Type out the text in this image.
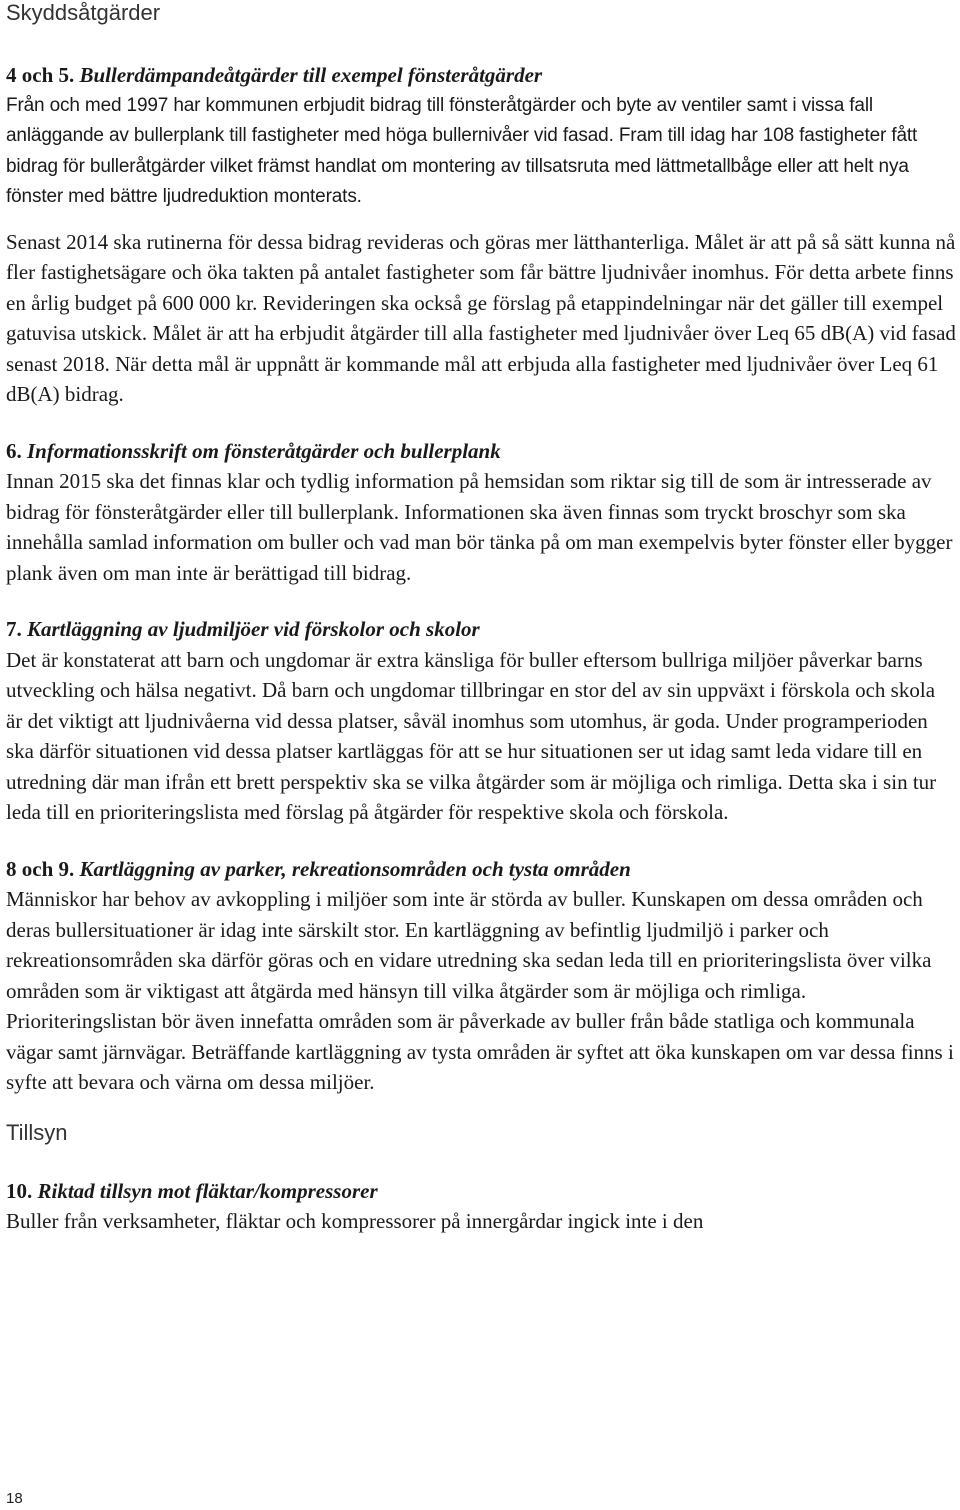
Skyddsåtgärder

4 och 5. Bullerdämpandeåtgärder till exempel fönsteråtgärder

Från och med 1997 har kommunen erbjudit bidrag till fönsteråtgärder och byte av ventiler samt i vissa fall anläggande av bullerplank till fastigheter med höga bullernivåer vid fasad. Fram till idag har 108 fastigheter fått bidrag för bulleråtgärder vilket främst handlat om montering av tillsatsruta med lättmetallbåge eller att helt nya fönster med bättre ljudreduktion monterats.

Senast 2014 ska rutinerna för dessa bidrag revideras och göras mer lätthanterliga. Målet är att på så sätt kunna nå fler fastighetsägare och öka takten på antalet fastigheter som får bättre ljudnivåer inomhus. För detta arbete finns en årlig budget på 600 000 kr. Revideringen ska också ge förslag på etappindelningar när det gäller till exempel gatuvisa utskick. Målet är att ha erbjudit åtgärder till alla fastigheter med ljudnivåer över Leq 65 dB(A) vid fasad senast 2018. När detta mål är uppnått är kommande mål att erbjuda alla fastigheter med ljudnivåer över Leq 61 dB(A) bidrag.

6. Informationsskrift om fönsteråtgärder och bullerplank

Innan 2015 ska det finnas klar och tydlig information på hemsidan som riktar sig till de som är intresserade av bidrag för fönsteråtgärder eller till bullerplank. Informationen ska även finnas som tryckt broschyr som ska innehålla samlad information om buller och vad man bör tänka på om man exempelvis byter fönster eller bygger plank även om man inte är berättigad till bidrag.

7. Kartläggning av ljudmiljöer vid förskolor och skolor

Det är konstaterat att barn och ungdomar är extra känsliga för buller eftersom bullriga miljöer påverkar barns utveckling och hälsa negativt. Då barn och ungdomar tillbringar en stor del av sin uppväxt i förskola och skola är det viktigt att ljudnivåerna vid dessa platser, såväl inomhus som utomhus, är goda. Under programperioden ska därför situationen vid dessa platser kartläggas för att se hur situationen ser ut idag samt leda vidare till en utredning där man ifrån ett brett perspektiv ska se vilka åtgärder som är möjliga och rimliga. Detta ska i sin tur leda till en prioriteringslista med förslag på åtgärder för respektive skola och förskola.

8 och 9. Kartläggning av parker, rekreationsområden och tysta områden

Människor har behov av avkoppling i miljöer som inte är störda av buller. Kunskapen om dessa områden och deras bullersituationer är idag inte särskilt stor. En kartläggning av befintlig ljudmiljö i parker och rekreationsområden ska därför göras och en vidare utredning ska sedan leda till en prioriteringslista över vilka områden som är viktigast att åtgärda med hänsyn till vilka åtgärder som är möjliga och rimliga. Prioriteringslistan bör även innefatta områden som är påverkade av buller från både statliga och kommunala vägar samt järnvägar. Beträffande kartläggning av tysta områden är syftet att öka kunskapen om var dessa finns i syfte att bevara och värna om dessa miljöer.

Tillsyn

10. Riktad tillsyn mot fläktar/kompressorer

Buller från verksamheter, fläktar och kompressorer på innergårdar ingick inte i den

18
